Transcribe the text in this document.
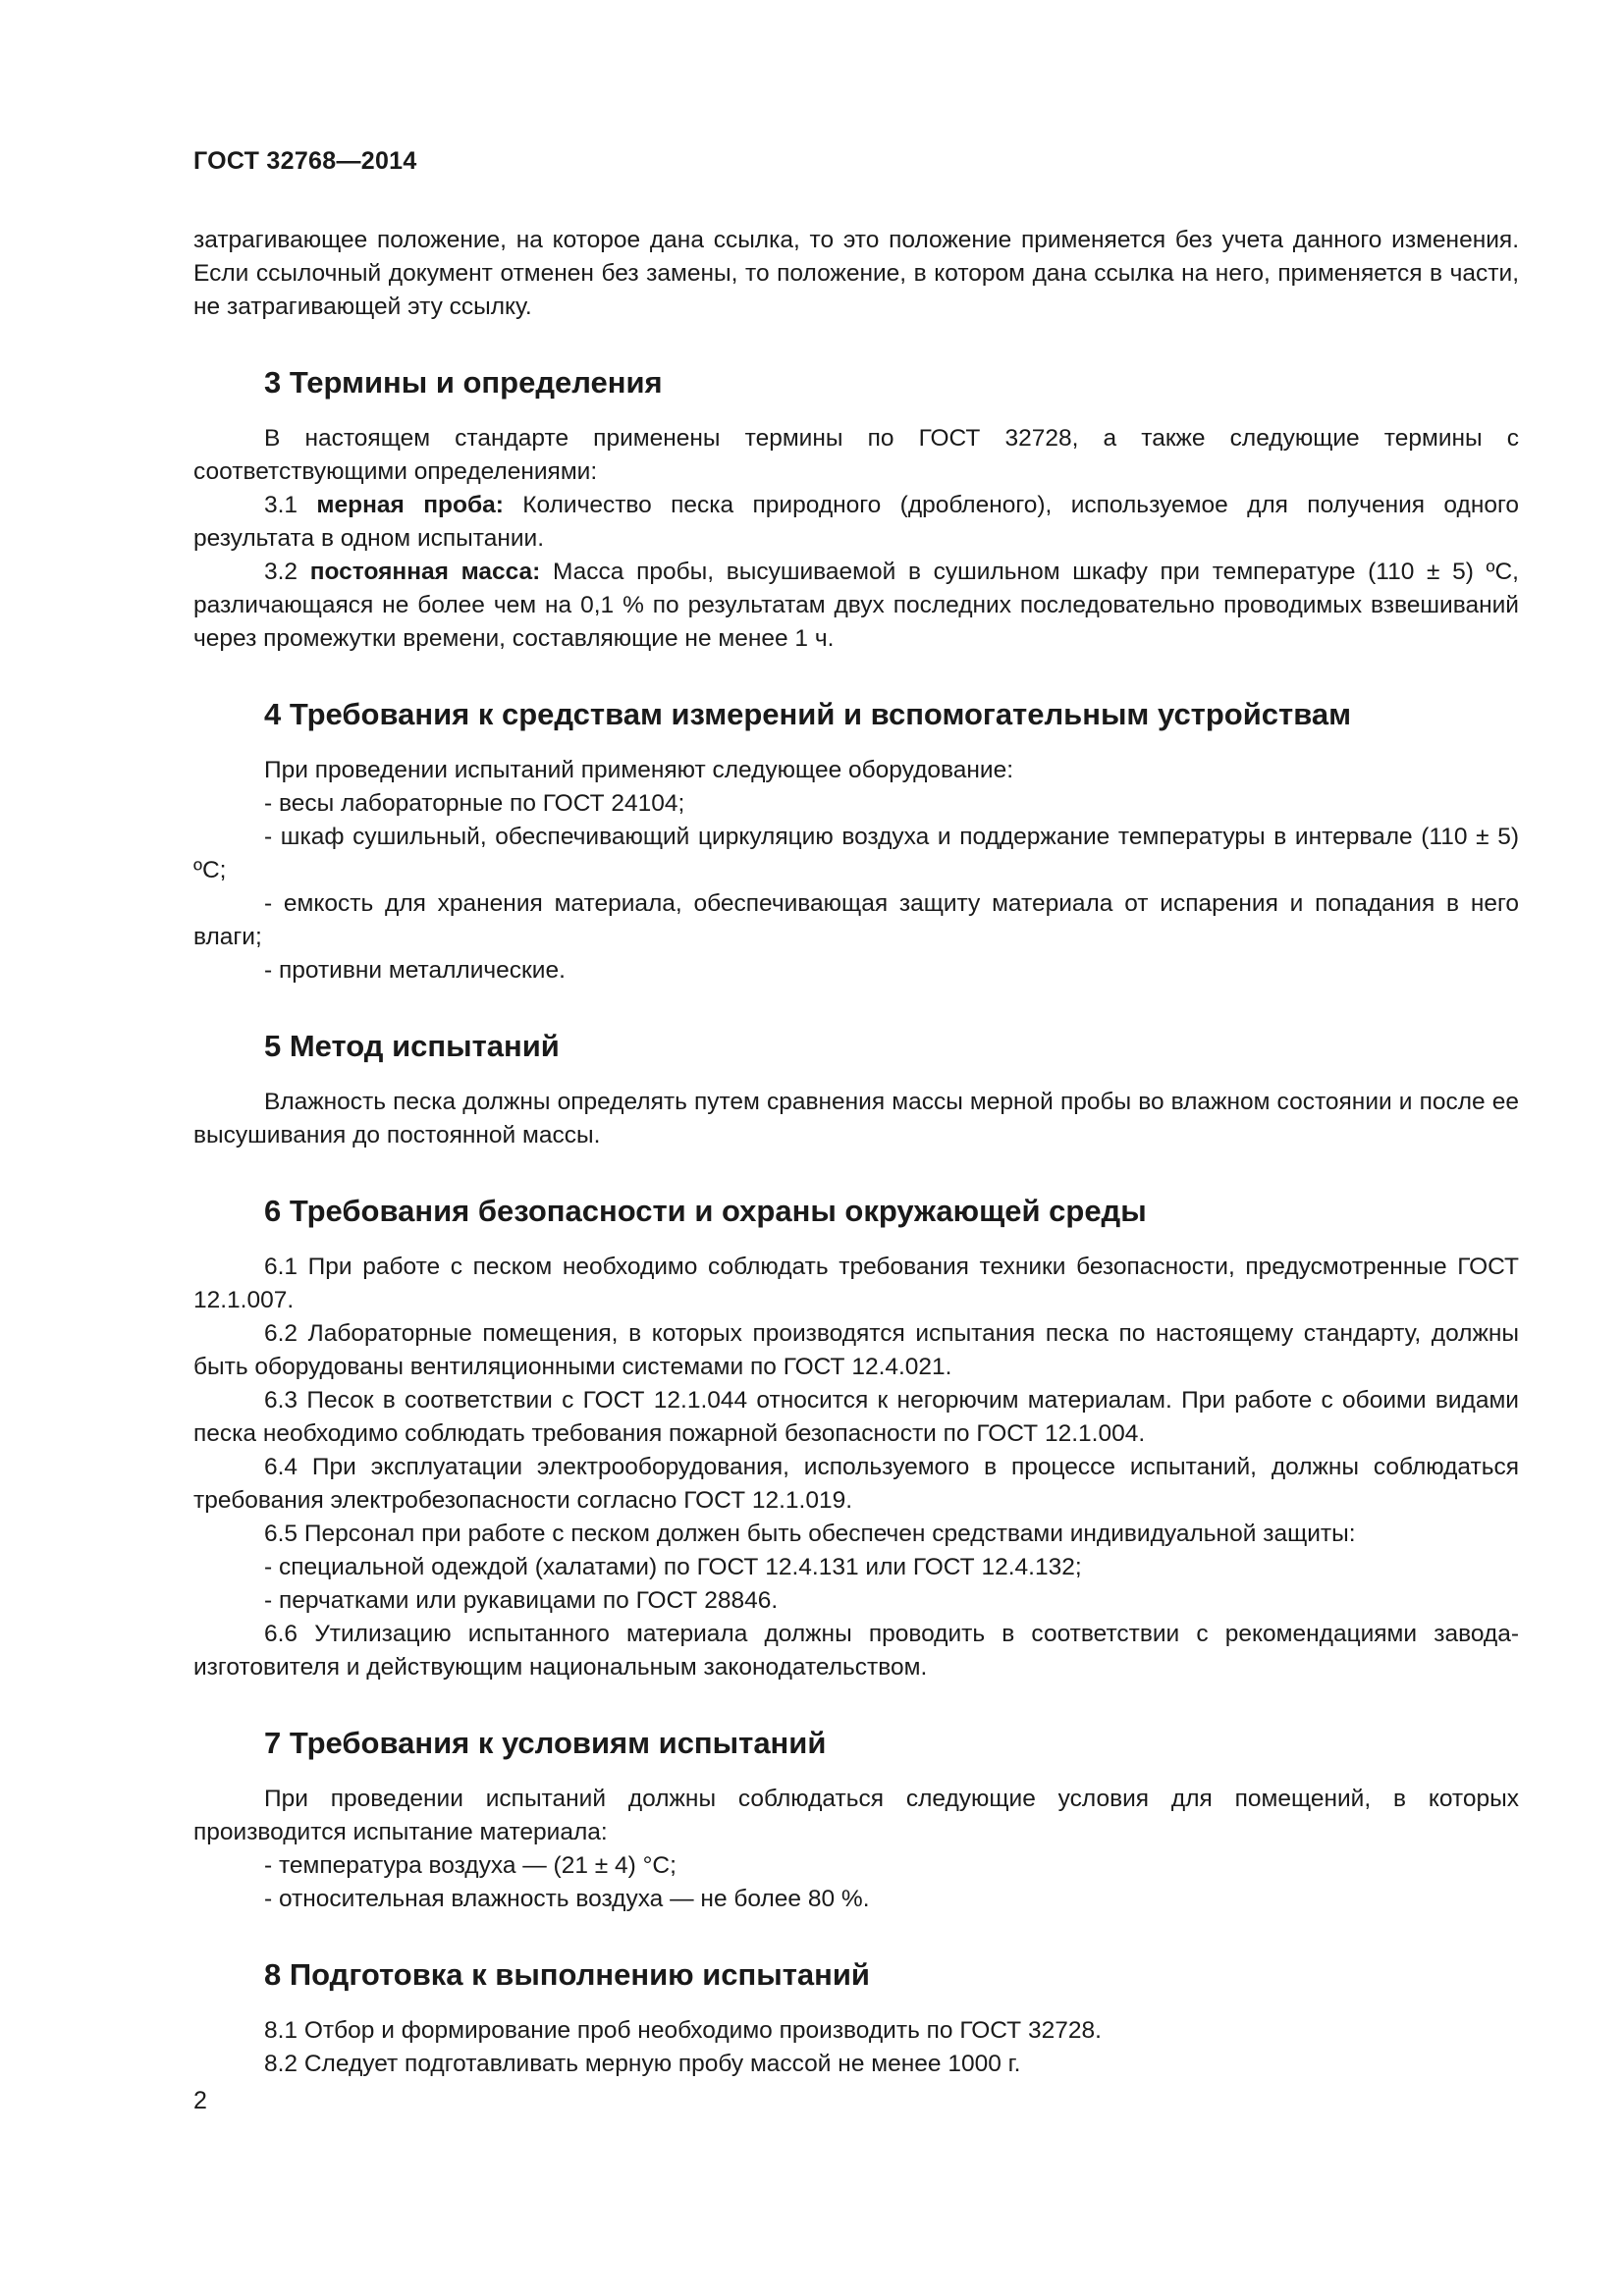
ГОСТ 32768—2014

затрагивающее положение, на которое дана ссылка, то это положение применяется без учета данного изменения. Если ссылочный документ отменен без замены, то положение, в котором дана ссылка на него, применяется в части, не затрагивающей эту ссылку.

3 Термины и определения

В настоящем стандарте применены термины по ГОСТ 32728, а также следующие термины с соответствующими определениями:

3.1 мерная проба: Количество песка природного (дробленого), используемое для получения одного результата в одном испытании.

3.2 постоянная масса: Масса пробы, высушиваемой в сушильном шкафу при температуре (110 ± 5) ºС, различающаяся не более чем на 0,1 % по результатам двух последних последовательно проводимых взвешиваний через промежутки времени, составляющие не менее 1 ч.

4 Требования к средствам измерений и вспомогательным устройствам

При проведении испытаний применяют следующее оборудование:

- весы лабораторные по ГОСТ 24104;

- шкаф сушильный, обеспечивающий циркуляцию воздуха и поддержание температуры в интервале (110 ± 5) ºС;

- емкость для хранения материала, обеспечивающая защиту материала от испарения и попадания в него влаги;

- противни металлические.

5 Метод испытаний

Влажность песка должны определять путем сравнения массы мерной пробы во влажном состоянии и после ее высушивания до постоянной массы.

6 Требования безопасности и охраны окружающей среды

6.1 При работе с песком необходимо соблюдать требования техники безопасности, предусмотренные ГОСТ 12.1.007.

6.2 Лабораторные помещения, в которых производятся испытания песка по настоящему стандарту, должны быть оборудованы вентиляционными системами по ГОСТ 12.4.021.

6.3 Песок в соответствии с ГОСТ 12.1.044 относится к негорючим материалам. При работе с обоими видами песка необходимо соблюдать требования пожарной безопасности по ГОСТ 12.1.004.

6.4 При эксплуатации электрооборудования, используемого в процессе испытаний, должны соблюдаться требования электробезопасности согласно ГОСТ 12.1.019.

6.5 Персонал при работе с песком должен быть обеспечен средствами индивидуальной защиты:

- специальной одеждой (халатами) по ГОСТ 12.4.131 или ГОСТ 12.4.132;

- перчатками или рукавицами по ГОСТ 28846.

6.6 Утилизацию испытанного материала должны проводить в соответствии с рекомендациями завода-изготовителя и действующим национальным законодательством.

7 Требования к условиям испытаний

При проведении испытаний должны соблюдаться следующие условия для помещений, в которых производится испытание материала:

- температура воздуха — (21 ± 4) °С;

- относительная влажность воздуха — не более 80 %.

8 Подготовка к выполнению испытаний

8.1 Отбор и формирование проб необходимо производить по ГОСТ 32728.

8.2 Следует подготавливать мерную пробу массой не менее 1000 г.

2
